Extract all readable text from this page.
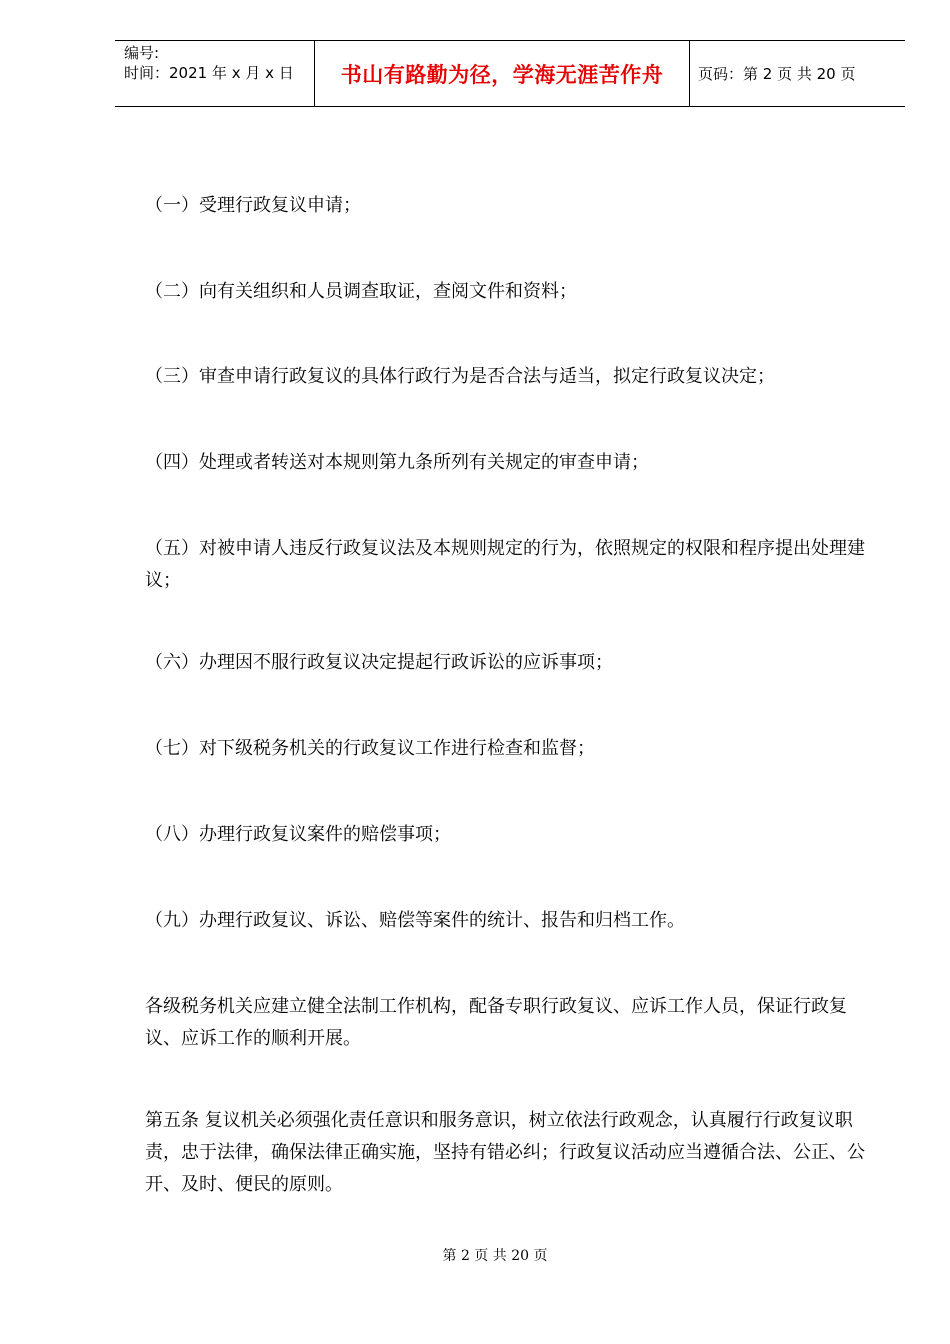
编号:
时间：2021 年 x 月 x 日	书山有路勤为径，学海无涯苦作舟	页码：第 2 页 共 20 页

（一）受理行政复议申请；

（二）向有关组织和人员调查取证，查阅文件和资料；

（三）审查申请行政复议的具体行政行为是否合法与适当，拟定行政复议决定；

（四）处理或者转送对本规则第九条所列有关规定的审查申请；

（五）对被申请人违反行政复议法及本规则规定的行为，依照规定的权限和程序提出处理建议；

（六）办理因不服行政复议决定提起行政诉讼的应诉事项；

（七）对下级税务机关的行政复议工作进行检查和监督；

（八）办理行政复议案件的赔偿事项；

（九）办理行政复议、诉讼、赔偿等案件的统计、报告和归档工作。

各级税务机关应建立健全法制工作机构，配备专职行政复议、应诉工作人员，保证行政复议、应诉工作的顺利开展。

第五条 复议机关必须强化责任意识和服务意识，树立依法行政观念，认真履行行政复议职责，忠于法律，确保法律正确实施，坚持有错必纠；行政复议活动应当遵循合法、公正、公开、及时、便民的原则。

第 2 页 共 20 页
